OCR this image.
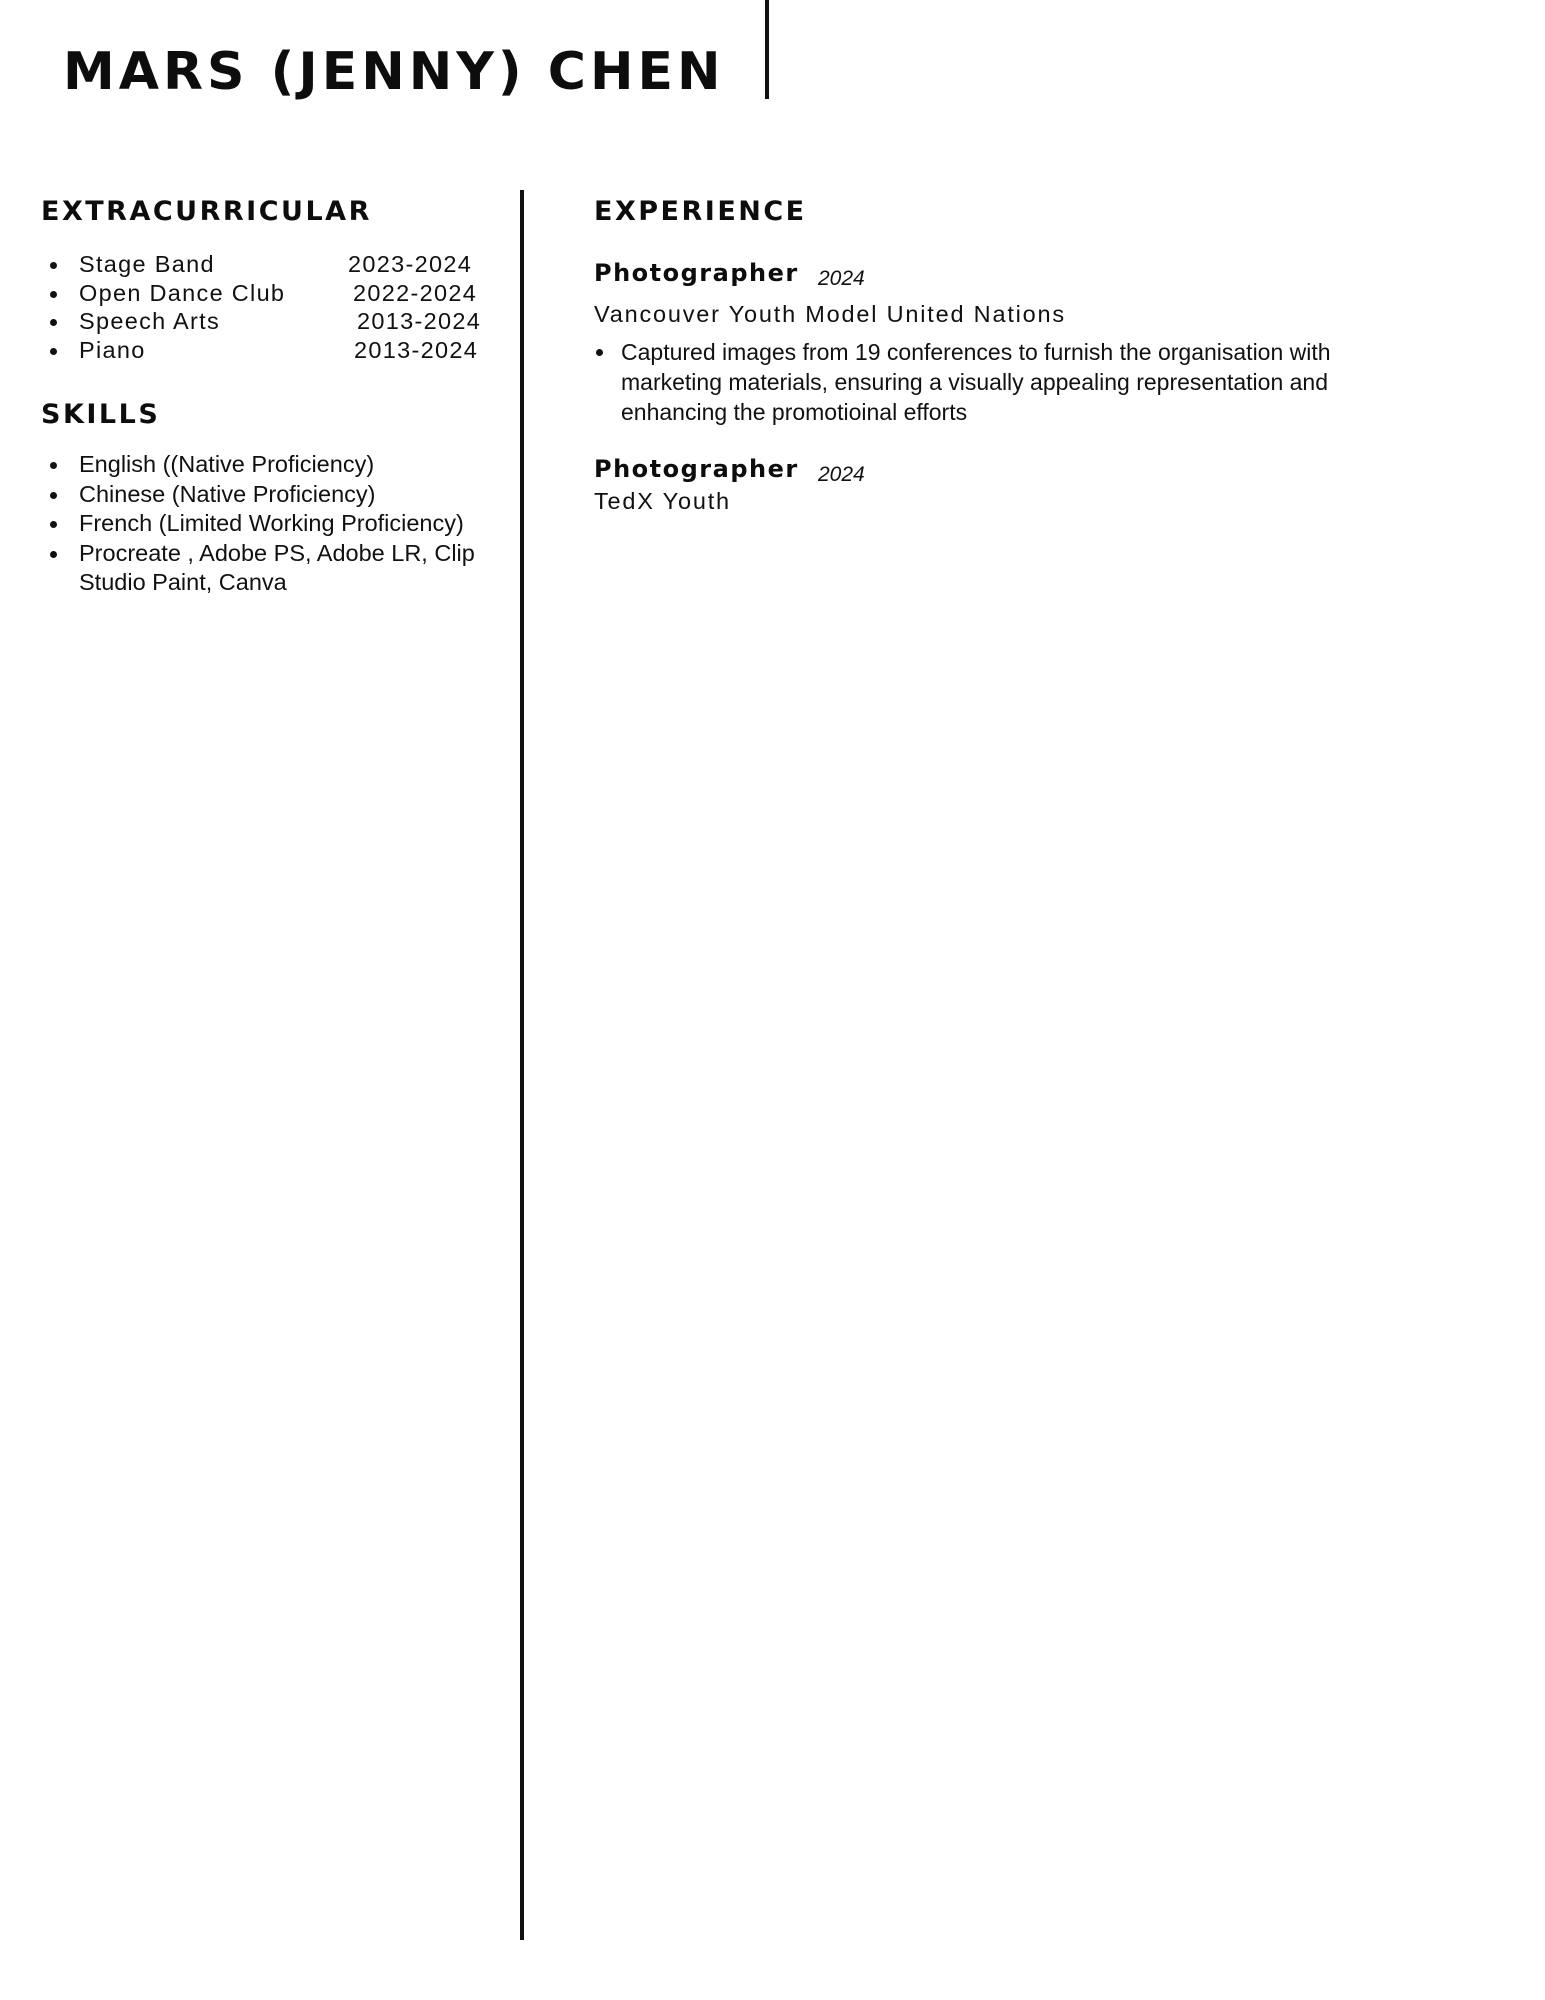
MARS (JENNY) CHEN
EXTRACURRICULAR
Stage Band	2023-2024
Open Dance Club	2022-2024
Speech Arts	2013-2024
Piano	2013-2024
SKILLS
English ((Native Proficiency)
Chinese (Native Proficiency)
French (Limited Working Proficiency)
Procreate , Adobe PS, Adobe LR, Clip Studio Paint, Canva
EXPERIENCE
Photographer 2024
Vancouver Youth Model United Nations
Captured images from 19 conferences to furnish the organisation with marketing materials, ensuring a visually appealing representation and enhancing the promotioinal efforts
Photographer 2024
TedX Youth
